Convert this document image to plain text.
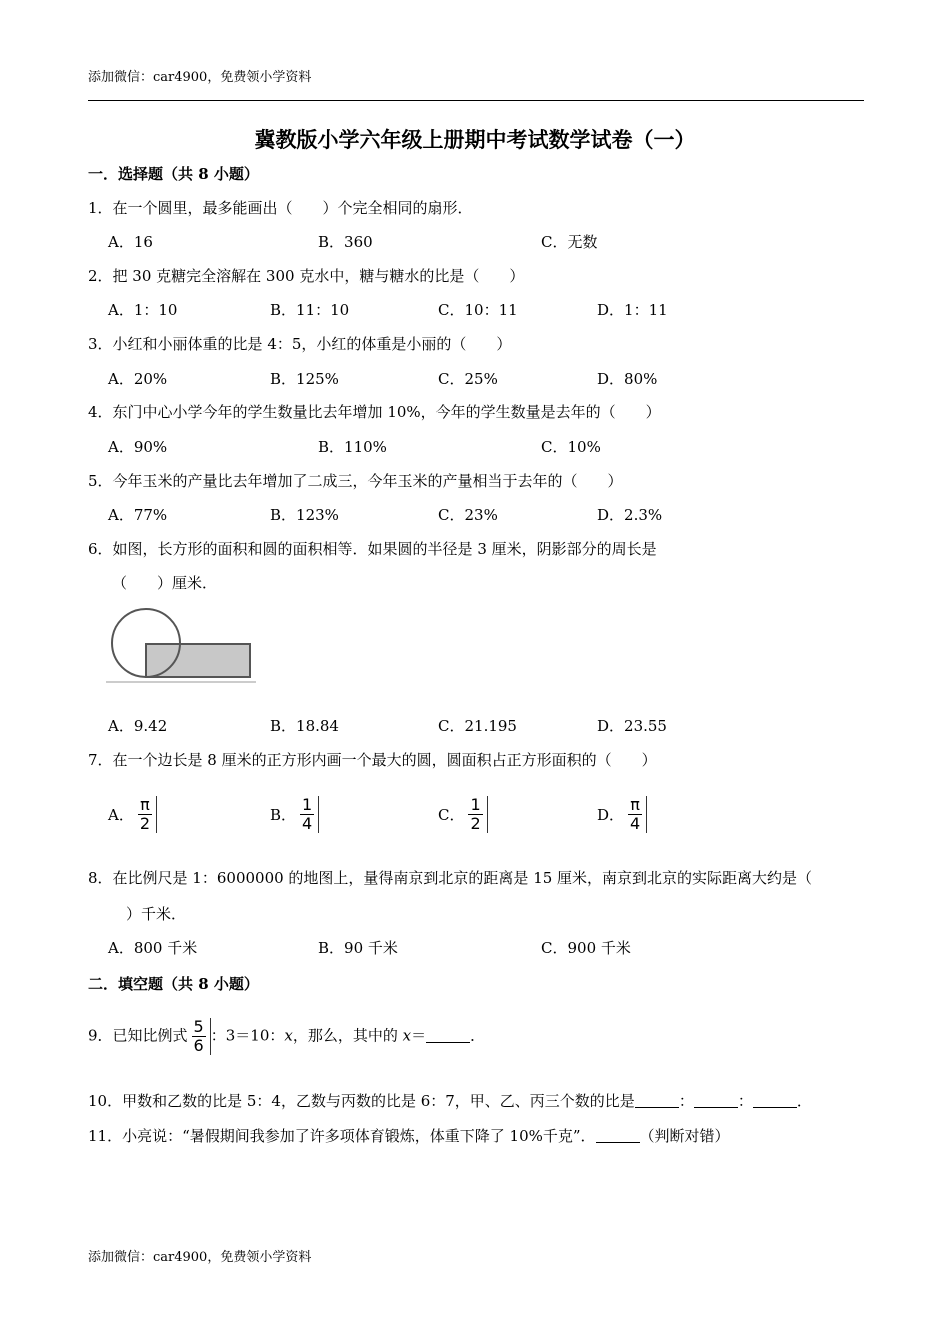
添加微信：car4900，免费领小学资料
冀教版小学六年级上册期中考试数学试卷（一）
一．选择题（共 8 小题）
1．在一个圆里，最多能画出（　　）个完全相同的扇形．
A．16	B．360	C．无数
2．把 30 克糖完全溶解在 300 克水中，糖与糖水的比是（　　）
A．1：10	B．11：10	C．10：11	D．1：11
3．小红和小丽体重的比是 4：5，小红的体重是小丽的（　　）
A．20%	B．125%	C．25%	D．80%
4．东门中心小学今年的学生数量比去年增加 10%，今年的学生数量是去年的（　　）
A．90%	B．110%	C．10%
5．今年玉米的产量比去年增加了二成三，今年玉米的产量相当于去年的（　　）
A．77%	B．123%	C．23%	D．2.3%
6．如图，长方形的面积和圆的面积相等．如果圆的半径是 3 厘米，阴影部分的周长是
（　　）厘米．
A．9.42	B．18.84	C．21.195	D．23.55
7．在一个边长是 8 厘米的正方形内画一个最大的圆，圆面积占正方形面积的（　　）
A． $\frac{\pi}{2}$	B． $\frac{1}{4}$	C． $\frac{1}{2}$	D． $\frac{\pi}{4}$
8．在比例尺是 1：6000000 的地图上，量得南京到北京的距离是 15 厘米，南京到北京的实际距离大约是（
）千米．
A．800 千米	B．90 千米	C．900 千米
二．填空题（共 8 小题）
9．已知比例式 $\frac{5}{6}$ ：3＝10：x，那么，其中的 x＝	．
10．甲数和乙数的比是 5：4，乙数与丙数的比是 6：7，甲、乙、丙三个数的比是	：	：	．
11．小亮说：“暑假期间我参加了许多项体育锻炼，体重下降了 10%千克”．	（判断对错）
添加微信：car4900，免费领小学资料
